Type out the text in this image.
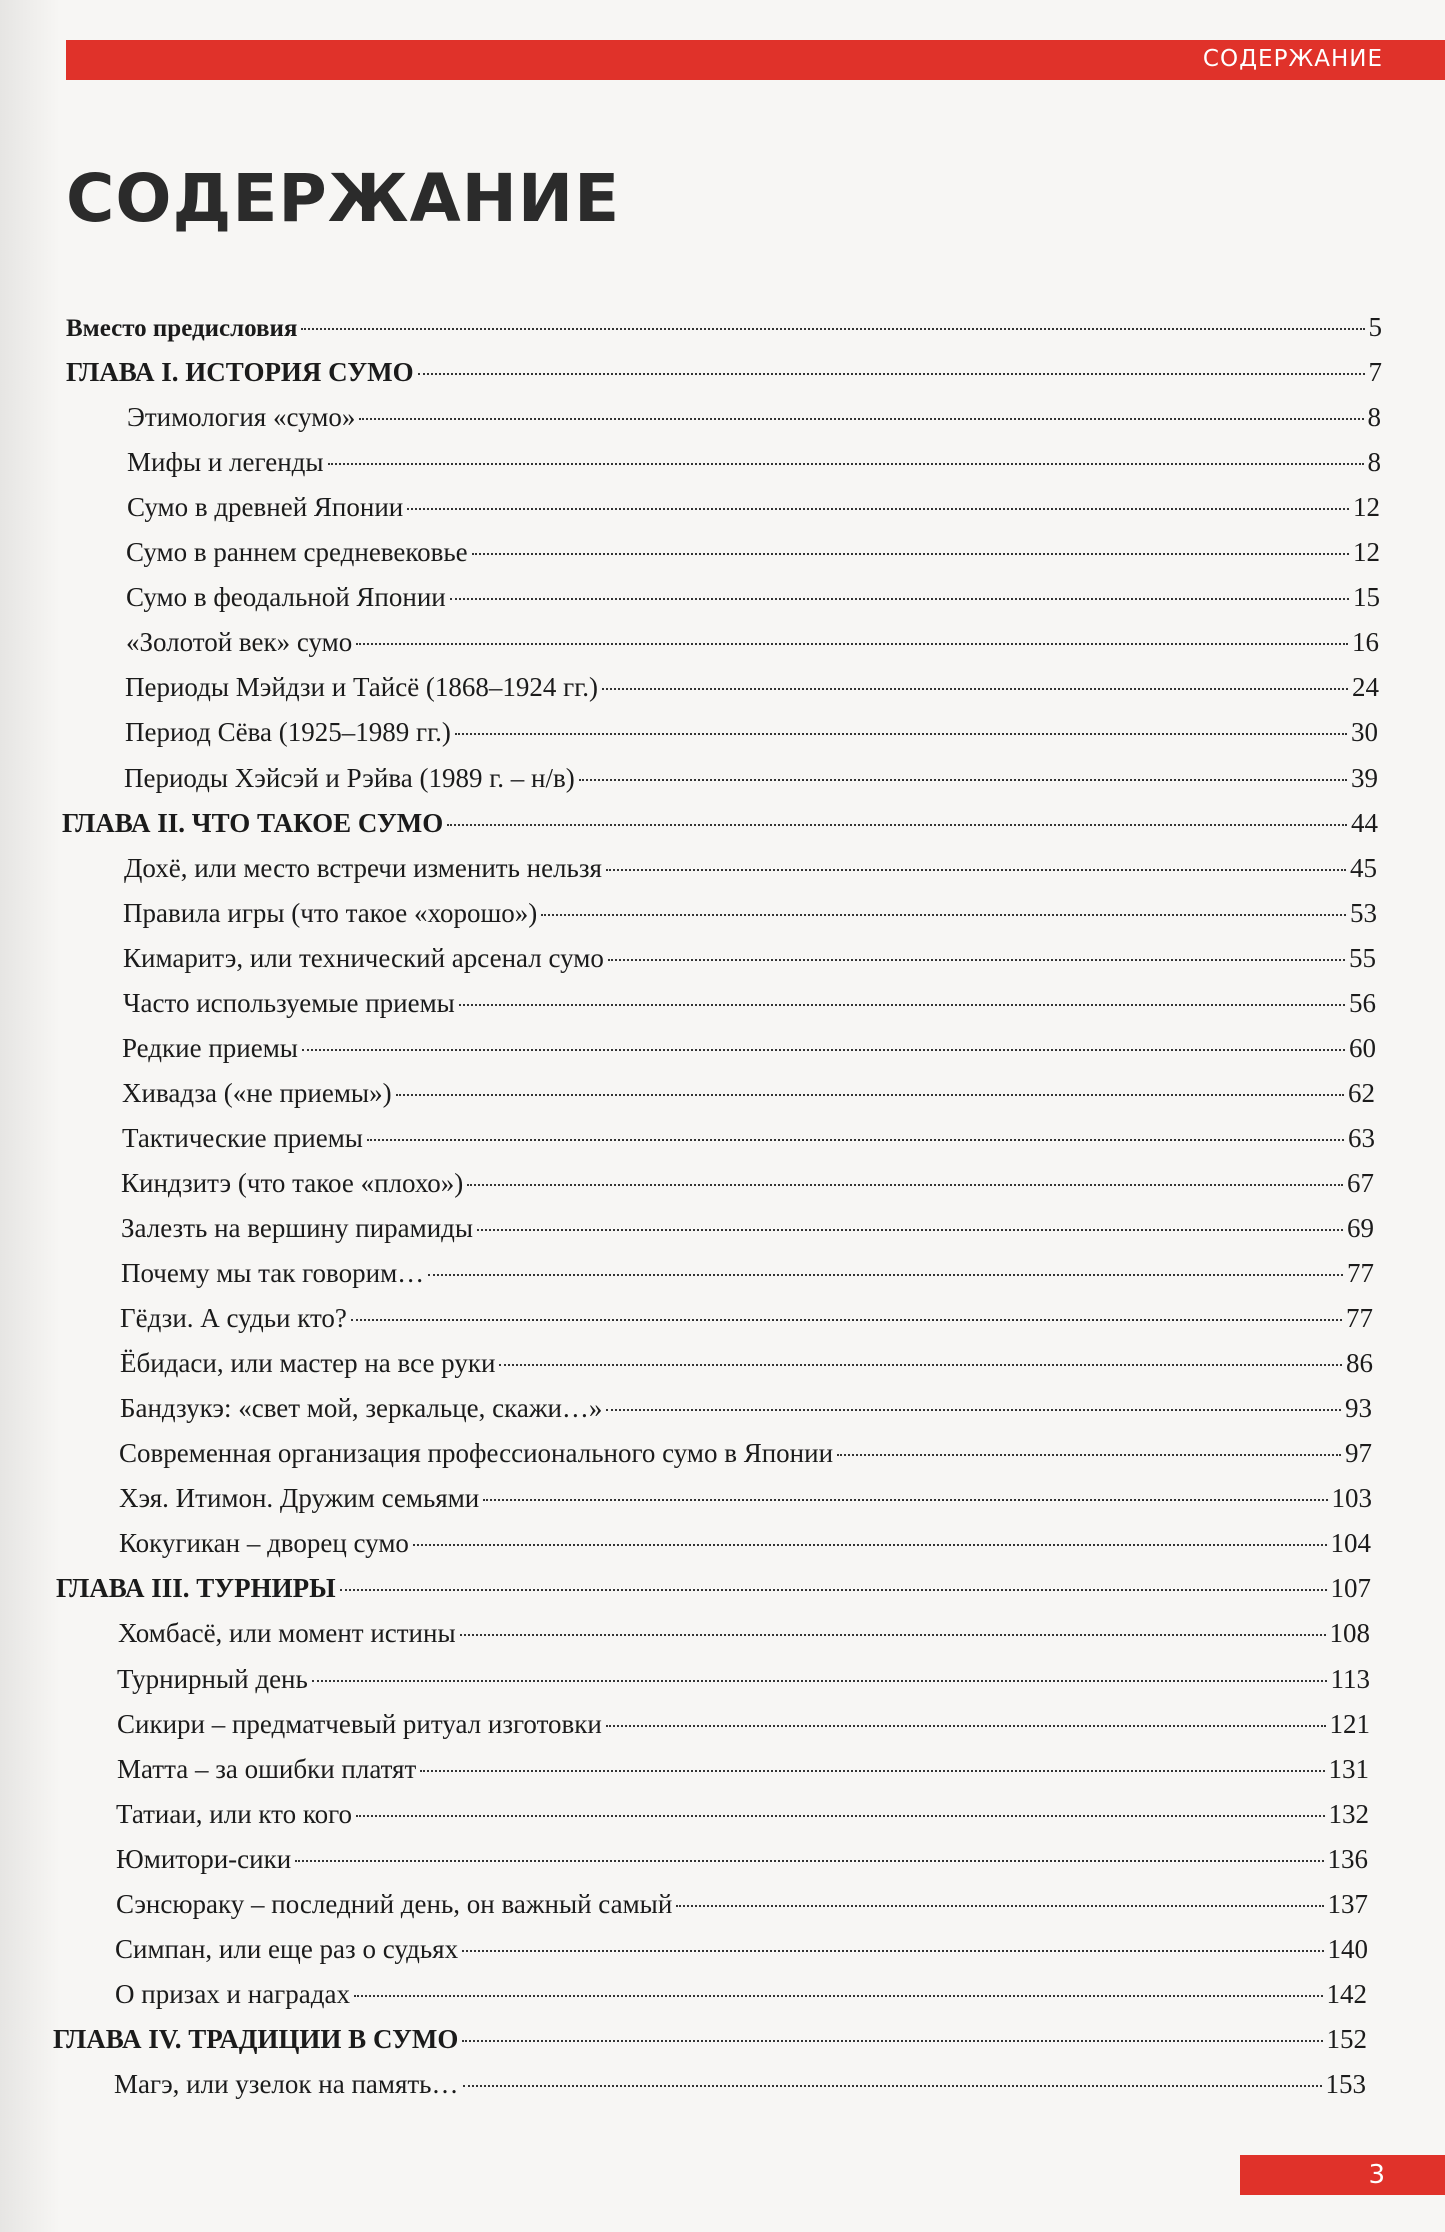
СОДЕРЖАНИЕ
СОДЕРЖАНИЕ
Вместо предисловия	5
ГЛАВА I. ИСТОРИЯ СУМО	7
Этимология «сумо»	8
Мифы и легенды	8
Сумо в древней Японии	12
Сумо в раннем средневековье	12
Сумо в феодальной Японии	15
«Золотой век» сумо	16
Периоды Мэйдзи и Тайсё (1868–1924 гг.)	24
Период Сёва (1925–1989 гг.)	30
Периоды Хэйсэй и Рэйва (1989 г. – н/в)	39
ГЛАВА II. ЧТО ТАКОЕ СУМО	44
Дохё, или место встречи изменить нельзя	45
Правила игры (что такое «хорошо»)	53
Кимаритэ, или технический арсенал сумо	55
Часто используемые приемы	56
Редкие приемы	60
Хивадза («не приемы»)	62
Тактические приемы	63
Киндзитэ (что такое «плохо»)	67
Залезть на вершину пирамиды	69
Почему мы так говорим…	77
Гёдзи. А судьи кто?	77
Ёбидаси, или мастер на все руки	86
Бандзукэ: «свет мой, зеркальце, скажи…»	93
Современная организация профессионального сумо в Японии	97
Хэя. Итимон. Дружим семьями	103
Кокугикан – дворец сумо	104
ГЛАВА III. ТУРНИРЫ	107
Хомбасё, или момент истины	108
Турнирный день	113
Сикири – предматчевый ритуал изготовки	121
Матта – за ошибки платят	131
Татиаи, или кто кого	132
Юмитори-сики	136
Сэнсюраку – последний день, он важный самый	137
Симпан, или еще раз о судьях	140
О призах и наградах	142
ГЛАВА IV. ТРАДИЦИИ В СУМО	152
Магэ, или узелок на память…	153
3
